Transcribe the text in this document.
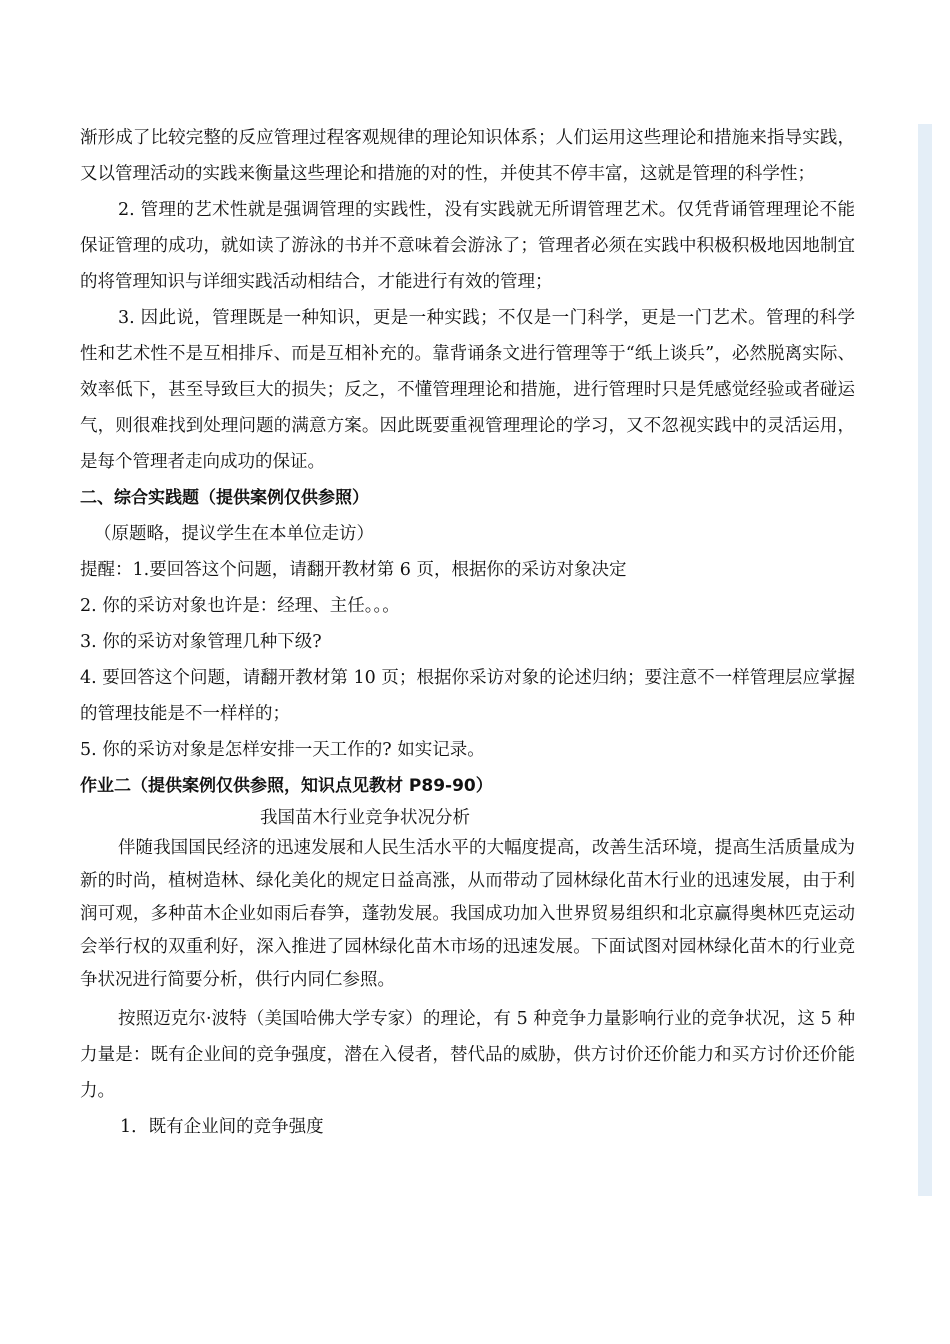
渐形成了比较完整的反应管理过程客观规律的理论知识体系；人们运用这些理论和措施来指导实践，又以管理活动的实践来衡量这些理论和措施的对的性，并使其不停丰富，这就是管理的科学性；

2. 管理的艺术性就是强调管理的实践性，没有实践就无所谓管理艺术。仅凭背诵管理理论不能保证管理的成功，就如读了游泳的书并不意味着会游泳了；管理者必须在实践中积极积极地因地制宜的将管理知识与详细实践活动相结合，才能进行有效的管理；

3. 因此说，管理既是一种知识，更是一种实践；不仅是一门科学，更是一门艺术。管理的科学性和艺术性不是互相排斥、而是互相补充的。靠背诵条文进行管理等于“纸上谈兵”，必然脱离实际、效率低下，甚至导致巨大的损失；反之，不懂管理理论和措施，进行管理时只是凭感觉经验或者碰运气，则很难找到处理问题的满意方案。因此既要重视管理理论的学习，又不忽视实践中的灵活运用，是每个管理者走向成功的保证。

二、综合实践题（提供案例仅供参照）

（原题略，提议学生在本单位走访）

提醒：1.要回答这个问题，请翻开教材第 6 页，根据你的采访对象决定

2. 你的采访对象也许是：经理、主任。。。

3. 你的采访对象管理几种下级?

4. 要回答这个问题，请翻开教材第 10 页；根据你采访对象的论述归纳；要注意不一样管理层应掌握的管理技能是不一样样的；

5. 你的采访对象是怎样安排一天工作的? 如实记录。

作业二（提供案例仅供参照，知识点见教材 P89-90）

我国苗木行业竞争状况分析

伴随我国国民经济的迅速发展和人民生活水平的大幅度提高，改善生活环境，提高生活质量成为新的时尚，植树造林、绿化美化的规定日益高涨，从而带动了园林绿化苗木行业的迅速发展，由于利润可观，多种苗木企业如雨后春笋，蓬勃发展。我国成功加入世界贸易组织和北京赢得奥林匹克运动会举行权的双重利好，深入推进了园林绿化苗木市场的迅速发展。下面试图对园林绿化苗木的行业竞争状况进行简要分析，供行内同仁参照。

按照迈克尔·波特（美国哈佛大学专家）的理论，有 5 种竞争力量影响行业的竞争状况，这 5 种力量是：既有企业间的竞争强度，潜在入侵者，替代品的威胁，供方讨价还价能力和买方讨价还价能力。

1．既有企业间的竞争强度
